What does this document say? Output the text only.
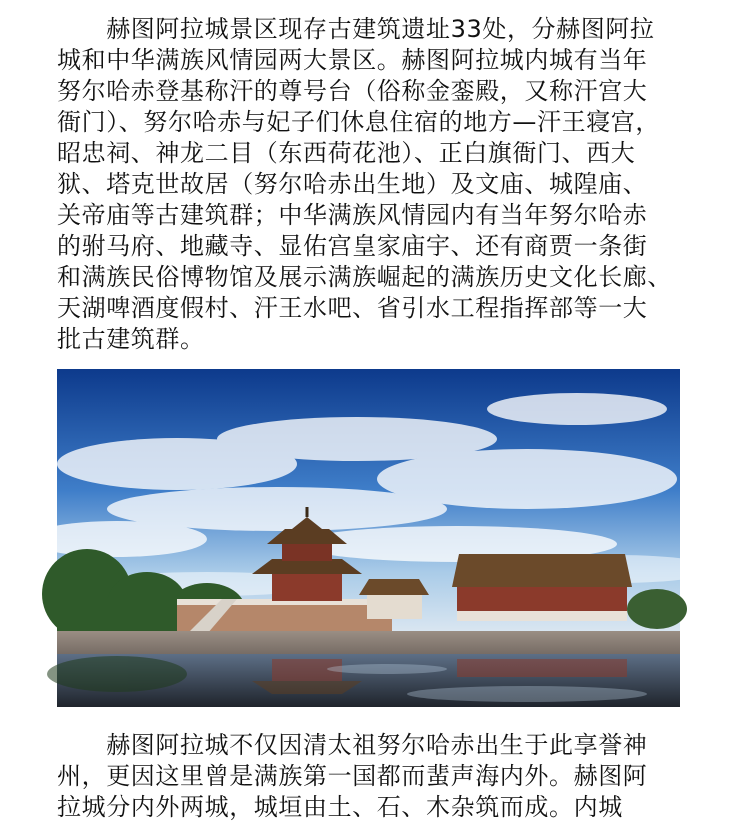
　　赫图阿拉城景区现存古建筑遗址33处，分赫图阿拉
城和中华满族风情园两大景区。赫图阿拉城内城有当年
努尔哈赤登基称汗的尊号台（俗称金銮殿，又称汗宫大
衙门）、努尔哈赤与妃子们休息住宿的地方—汗王寝宫，
昭忠祠、神龙二目（东西荷花池）、正白旗衙门、西大
狱、塔克世故居（努尔哈赤出生地）及文庙、城隍庙、
关帝庙等古建筑群；中华满族风情园内有当年努尔哈赤
的驸马府、地藏寺、显佑宫皇家庙宇、还有商贾一条街
和满族民俗博物馆及展示满族崛起的满族历史文化长廊、
天湖啤酒度假村、汗王水吧、省引水工程指挥部等一大
批古建筑群。
　　赫图阿拉城不仅因清太祖努尔哈赤出生于此享誉神
州，更因这里曾是满族第一国都而蜚声海内外。赫图阿
拉城分内外两城，城垣由土、石、木杂筑而成。内城
